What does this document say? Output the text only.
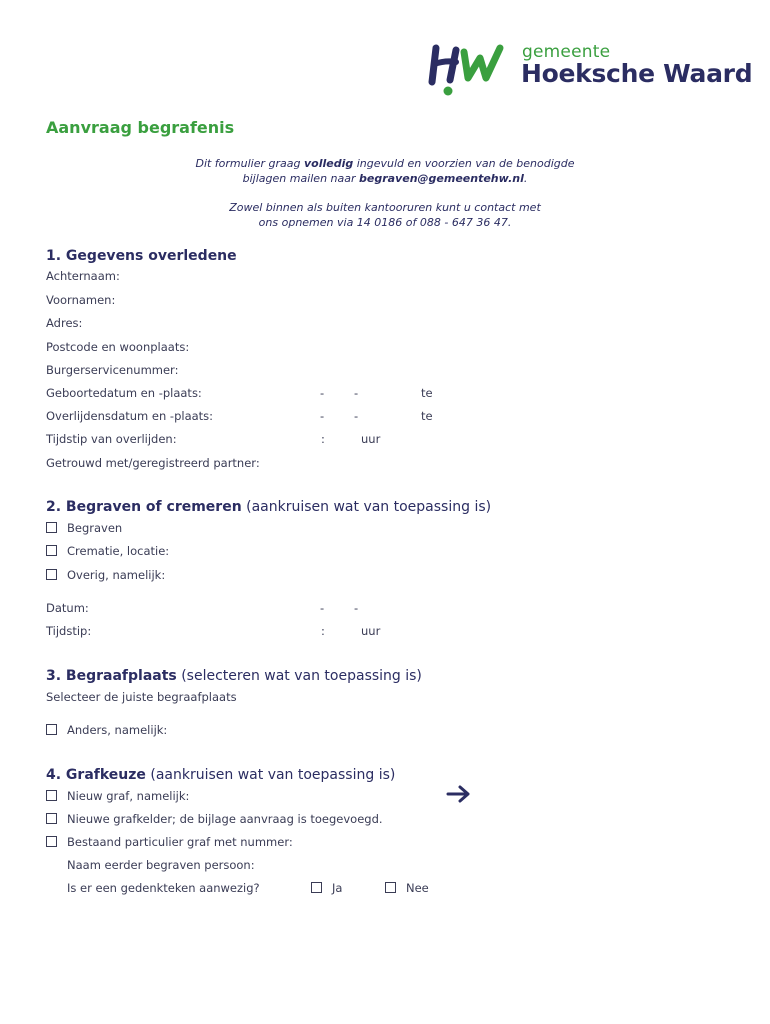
gemeente
Hoeksche Waard
Aanvraag begrafenis
Dit formulier graag volledig ingevuld en voorzien van de benodigde
bijlagen mailen naar begraven@gemeentehw.nl.
Zowel binnen als buiten kantooruren kunt u contact met
ons opnemen via 14 0186 of 088 - 647 36 47.
1. Gegevens overledene
Achternaam:
Voornamen:
Adres:
Postcode en woonplaats:
Burgerservicenummer:
Geboortedatum en -plaats:	-	-	te
Overlijdensdatum en -plaats:	-	-	te
Tijdstip van overlijden:	:	uur
Getrouwd met/geregistreerd partner:
2. Begraven of cremeren (aankruisen wat van toepassing is)
Begraven
Crematie, locatie:
Overig, namelijk:
Datum:	-	-
Tijdstip:	:	uur
3. Begraafplaats (selecteren wat van toepassing is)
Selecteer de juiste begraafplaats
Anders, namelijk:
4. Grafkeuze (aankruisen wat van toepassing is)
Nieuw graf, namelijk:
Nieuwe grafkelder; de bijlage aanvraag is toegevoegd.
Bestaand particulier graf met nummer:
Naam eerder begraven persoon:
Is er een gedenkteken aanwezig?	Ja	Nee
